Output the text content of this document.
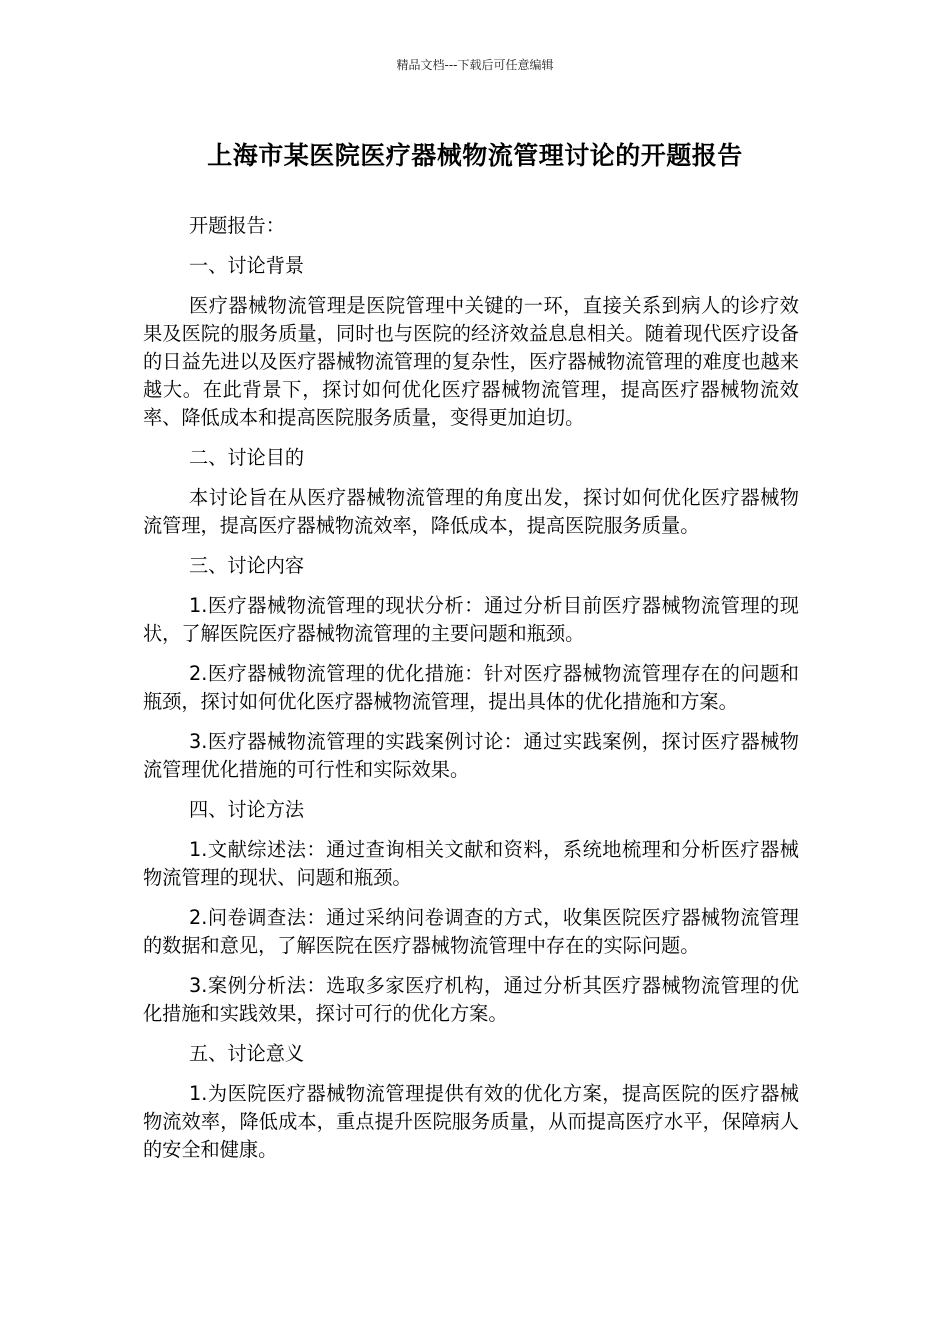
精品文档---下载后可任意编辑
上海市某医院医疗器械物流管理讨论的开题报告

开题报告：

一、讨论背景

医疗器械物流管理是医院管理中关键的一环，直接关系到病人的诊疗效果及医院的服务质量，同时也与医院的经济效益息息相关。随着现代医疗设备的日益先进以及医疗器械物流管理的复杂性，医疗器械物流管理的难度也越来越大。在此背景下，探讨如何优化医疗器械物流管理，提高医疗器械物流效率、降低成本和提高医院服务质量，变得更加迫切。

二、讨论目的

本讨论旨在从医疗器械物流管理的角度出发，探讨如何优化医疗器械物流管理，提高医疗器械物流效率，降低成本，提高医院服务质量。

三、讨论内容

1.医疗器械物流管理的现状分析：通过分析目前医疗器械物流管理的现状，了解医院医疗器械物流管理的主要问题和瓶颈。

2.医疗器械物流管理的优化措施：针对医疗器械物流管理存在的问题和瓶颈，探讨如何优化医疗器械物流管理，提出具体的优化措施和方案。

3.医疗器械物流管理的实践案例讨论：通过实践案例，探讨医疗器械物流管理优化措施的可行性和实际效果。

四、讨论方法

1.文献综述法：通过查询相关文献和资料，系统地梳理和分析医疗器械物流管理的现状、问题和瓶颈。

2.问卷调查法：通过采纳问卷调查的方式，收集医院医疗器械物流管理的数据和意见，了解医院在医疗器械物流管理中存在的实际问题。

3.案例分析法：选取多家医疗机构，通过分析其医疗器械物流管理的优化措施和实践效果，探讨可行的优化方案。

五、讨论意义

1.为医院医疗器械物流管理提供有效的优化方案，提高医院的医疗器械物流效率，降低成本，重点提升医院服务质量，从而提高医疗水平，保障病人的安全和健康。
